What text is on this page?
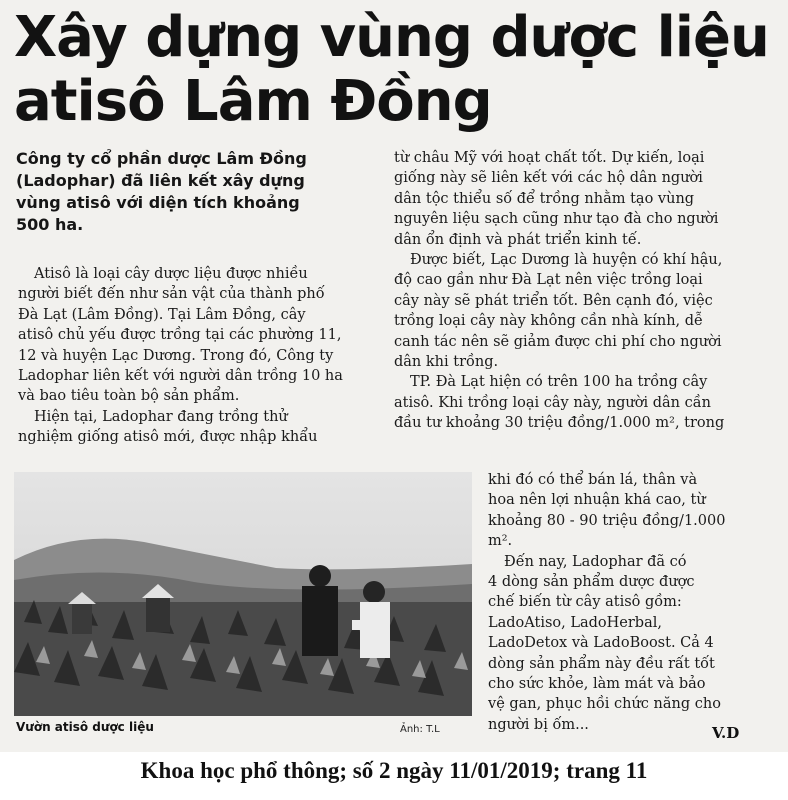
Xây dựng vùng dược liệu
atisô Lâm Đồng
Công ty cổ phần dược Lâm Đồng
(Ladophar) đã liên kết xây dựng
vùng atisô với diện tích khoảng
500 ha.
Atisô là loại cây dược liệu được nhiều
người biết đến như sản vật của thành phố
Đà Lạt (Lâm Đồng). Tại Lâm Đồng, cây
atisô chủ yếu được trồng tại các phường 11,
12 và huyện Lạc Dương. Trong đó, Công ty
Ladophar liên kết với người dân trồng 10 ha
và bao tiêu toàn bộ sản phẩm.
Hiện tại, Ladophar đang trồng thử
nghiệm giống atisô mới, được nhập khẩu
từ châu Mỹ với hoạt chất tốt. Dự kiến, loại
giống này sẽ liên kết với các hộ dân người
dân tộc thiểu số để trồng nhằm tạo vùng
nguyên liệu sạch cũng như tạo đà cho người
dân ổn định và phát triển kinh tế.
Được biết, Lạc Dương là huyện có khí hậu,
độ cao gần như Đà Lạt nên việc trồng loại
cây này sẽ phát triển tốt. Bên cạnh đó, việc
trồng loại cây này không cần nhà kính, dễ
canh tác nên sẽ giảm được chi phí cho người
dân khi trồng.
TP. Đà Lạt hiện có trên 100 ha trồng cây
atisô. Khi trồng loại cây này, người dân cần
đầu tư khoảng 30 triệu đồng/1.000 m², trong
khi đó có thể bán lá, thân và
hoa nên lợi nhuận khá cao, từ
khoảng 80 - 90 triệu đồng/1.000
m².
Đến nay, Ladophar đã có
4 dòng sản phẩm dược được
chế biến từ cây atisô gồm:
LadoAtiso, LadoHerbal,
LadoDetox và LadoBoost. Cả 4
dòng sản phẩm này đều rất tốt
cho sức khỏe, làm mát và bảo
vệ gan, phục hồi chức năng cho
người bị ốm...
Vườn atisô dược liệu	Ảnh: T.L	V.D
Khoa học phổ thông; số 2 ngày 11/01/2019; trang 11
